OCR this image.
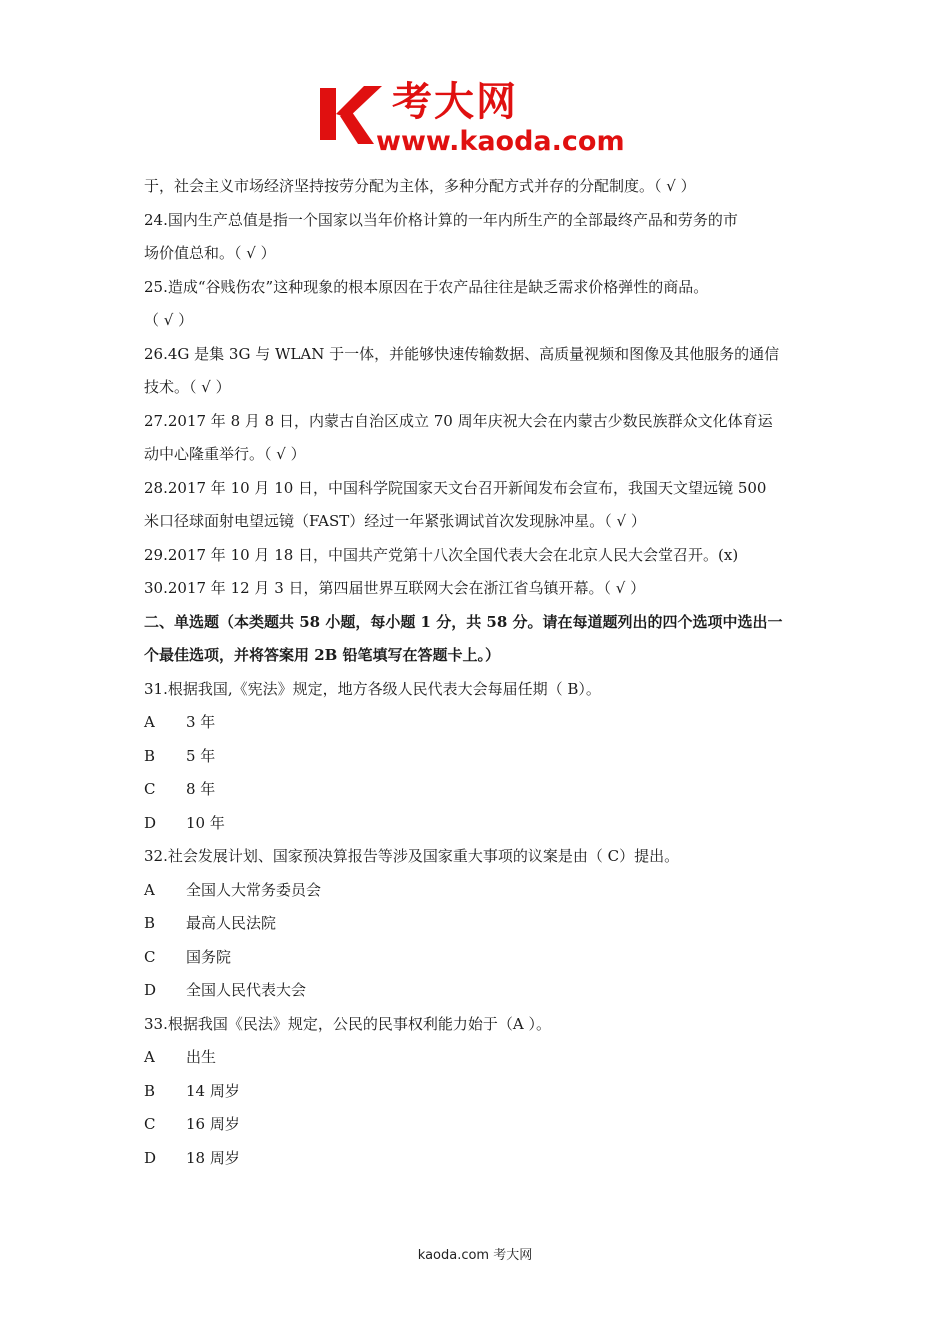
考大网
www.kaoda.com
于，社会主义市场经济坚持按劳分配为主体，多种分配方式并存的分配制度。（ √ ）
24.国内生产总值是指一个国家以当年价格计算的一年内所生产的全部最终产品和劳务的市
场价值总和。（ √ ）
25.造成“谷贱伤农”这种现象的根本原因在于农产品往往是缺乏需求价格弹性的商品。
（ √ ）
26.4G 是集 3G 与 WLAN 于一体，并能够快速传输数据、高质量视频和图像及其他服务的通信
技术。（ √ ）
27.2017 年 8 月 8 日，内蒙古自治区成立 70 周年庆祝大会在内蒙古少数民族群众文化体育运
动中心隆重举行。（ √ ）
28.2017 年 10 月 10 日，中国科学院国家天文台召开新闻发布会宣布，我国天文望远镜 500
米口径球面射电望远镜（FAST）经过一年紧张调试首次发现脉冲星。（ √ ）
29.2017 年 10 月 18 日，中国共产党第十八次全国代表大会在北京人民大会堂召开。(x)
30.2017 年 12 月 3 日，第四届世界互联网大会在浙江省乌镇开幕。（ √ ）
二、单选题（本类题共 58 小题，每小题 1 分，共 58 分。请在每道题列出的四个选项中选出一
个最佳选项，并将答案用 2B 铅笔填写在答题卡上。）
31.根据我国,《宪法》规定，地方各级人民代表大会每届任期（ B）。
A 3 年
B 5 年
C 8 年
D 10 年
32.社会发展计划、国家预决算报告等涉及国家重大事项的议案是由（ C）提出。
A 全国人大常务委员会
B 最高人民法院
C 国务院
D 全国人民代表大会
33.根据我国《民法》规定，公民的民事权利能力始于（A ）。
A 出生
B 14 周岁
C 16 周岁
D 18 周岁
kaoda.com 考大网
